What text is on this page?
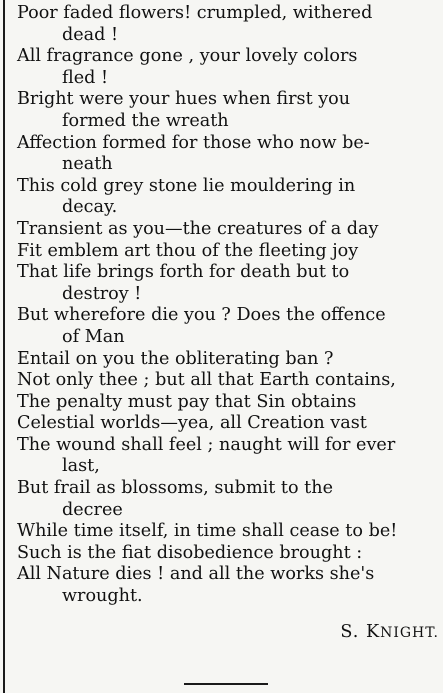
Poor faded flowers! crumpled, withered
dead !
All fragrance gone , your lovely colors
fled !
Bright were your hues when first you
formed the wreath
Affection formed for those who now be-
neath
This cold grey stone lie mouldering in
decay.
Transient as you—the creatures of a day
Fit emblem art thou of the fleeting joy
That life brings forth for death but to
destroy !
But wherefore die you ? Does the offence
of Man
Entail on you the obliterating ban ?
Not only thee ; but all that Earth contains,
The penalty must pay that Sin obtains
Celestial worlds—yea, all Creation vast
The wound shall feel ; naught will for ever
last,
But frail as blossoms, submit to the
decree
While time itself, in time shall cease to be!
Such is the fiat disobedience brought :
All Nature dies ! and all the works she's
wrought.
S. KNIGHT.
